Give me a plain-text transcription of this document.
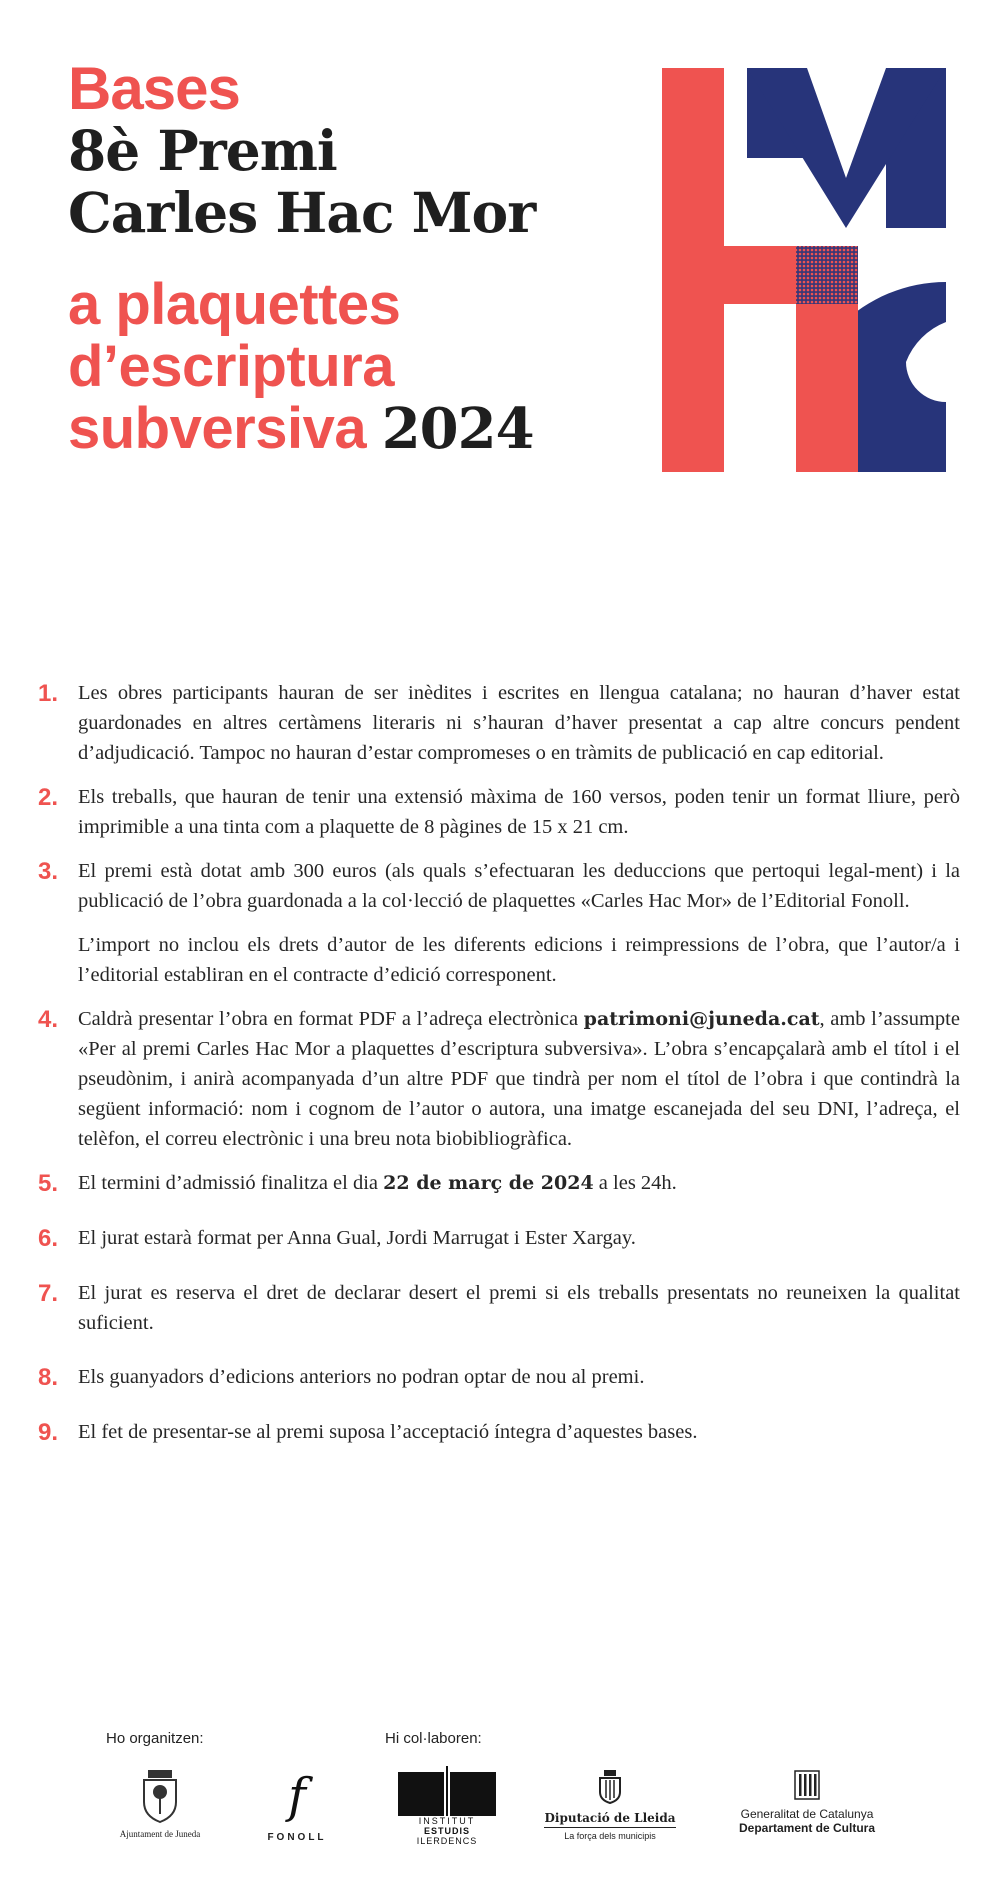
Bases
8è Premi
Carles Hac Mor
a plaquettes
d’escriptura
subversiva 2024
1. Les obres participants hauran de ser inèdites i escrites en llengua catalana; no hauran d’haver estat guardonades en altres certàmens literaris ni s’hauran d’haver presentat a cap altre concurs pendent d’adjudicació. Tampoc no hauran d’estar compromeses o en tràmits de publicació en cap editorial.

2. Els treballs, que hauran de tenir una extensió màxima de 160 versos, poden tenir un format lliure, però imprimible a una tinta com a plaquette de 8 pàgines de 15 x 21 cm.

3. El premi està dotat amb 300 euros (als quals s’efectuaran les deduccions que pertoqui legal-ment) i la publicació de l’obra guardonada a la col·lecció de plaquettes «Carles Hac Mor» de l’Editorial Fonoll.

L’import no inclou els drets d’autor de les diferents edicions i reimpressions de l’obra, que l’autor/a i l’editorial establiran en el contracte d’edició corresponent.

4. Caldrà presentar l’obra en format PDF a l’adreça electrònica patrimoni@juneda.cat, amb l’assumpte «Per al premi Carles Hac Mor a plaquettes d’escriptura subversiva». L’obra s’encapçalarà amb el títol i el pseudònim, i anirà acompanyada d’un altre PDF que tindrà per nom el títol de l’obra i que contindrà la següent informació: nom i cognom de l’autor o autora, una imatge escanejada del seu DNI, l’adreça, el telèfon, el correu electrònic i una breu nota biobibliogràfica.

5. El termini d’admissió finalitza el dia 22 de març de 2024 a les 24h.

6. El jurat estarà format per Anna Gual, Jordi Marrugat i Ester Xargay.

7. El jurat es reserva el dret de declarar desert el premi si els treballs presentats no reuneixen la qualitat suficient.

8. Els guanyadors d’edicions anteriors no podran optar de nou al premi.

9. El fet de presentar-se al premi suposa l’acceptació íntegra d’aquestes bases.

Ho organitzen:	Hi col·laboren:
Ajuntament de Juneda
f
FONOLL
INSTITUT
ESTUDIS
ILERDENCS
Diputació de Lleida
La força dels municipis
Generalitat de Catalunya
Departament de Cultura
